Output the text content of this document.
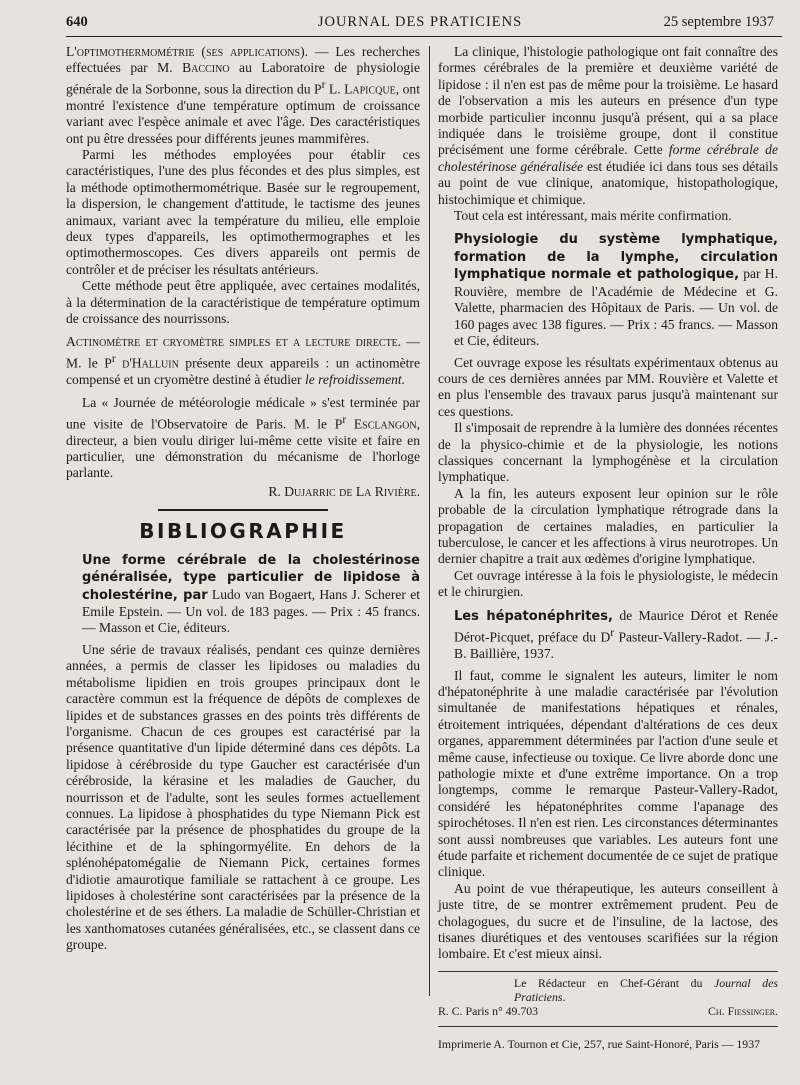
640	JOURNAL DES PRATICIENS	25 septembre 1937

L'optimothermométrie (ses applications). — Les recherches effectuées par M. Baccino au Laboratoire de physiologie générale de la Sorbonne, sous la direction du $P^r$ L. Lapicque, ont montré l'existence d'une température optimum de croissance variant avec l'espèce animale et avec l'âge. Des caractéristiques ont pu être dressées pour différents jeunes mammifères.

Parmi les méthodes employées pour établir ces caractéristiques, l'une des plus fécondes et des plus simples, est la méthode optimothermométrique. Basée sur le regroupement, la dispersion, le changement d'attitude, le tactisme des jeunes animaux, variant avec la température du milieu, elle emploie deux types d'appareils, les optimothermographes et les optimothermoscopes. Ces divers appareils ont permis de contrôler et de préciser les résultats antérieurs.

Cette méthode peut être appliquée, avec certaines modalités, à la détermination de la caractéristique de température optimum de croissance des nourrissons.

Actinomètre et cryomètre simples et a lecture directe. — M. le $P^r$ d'Halluin présente deux appareils : un actinomètre compensé et un cryomètre destiné à étudier le refroidissement.

La « Journée de météorologie médicale » s'est terminée par une visite de l'Observatoire de Paris. M. le $P^r$ Esclangon, directeur, a bien voulu diriger lui-même cette visite et faire en particulier, une démonstration du mécanisme de l'horloge parlante.

R. Dujarric de La Rivière.
BIBLIOGRAPHIE

Une forme cérébrale de la cholestérinose généralisée, type particulier de lipidose à cholestérine, par Ludo van Bogaert, Hans J. Scherer et Emile Epstein. — Un vol. de 183 pages. — Prix : 45 francs. — Masson et Cie, éditeurs.

Une série de travaux réalisés, pendant ces quinze dernières années, a permis de classer les lipidoses ou maladies du métabolisme lipidien en trois groupes principaux dont le caractère commun est la fréquence de dépôts de complexes de lipides et de substances grasses en des points très différents de l'organisme. Chacun de ces groupes est caractérisé par la présence quantitative d'un lipide déterminé dans ces dépôts. La lipidose à cérébroside du type Gaucher est caractérisée d'un cérébroside, la kérasine et les maladies de Gaucher, du nourrisson et de l'adulte, sont les seules formes actuellement connues. La lipidose à phosphatides du type Niemann Pick est caractérisée par la présence de phosphatides du groupe de la lécithine et de la sphingormyélite. En dehors de la splénohépatomégalie de Niemann Pick, certaines formes d'idiotie amaurotique familiale se rattachent à ce groupe. Les lipidoses à cholestérine sont caractérisées par la présence de la cholestérine et de ses éthers. La maladie de Schüller-Christian et les xanthomatoses cutanées généralisées, etc., se classent dans ce groupe.

La clinique, l'histologie pathologique ont fait connaître des formes cérébrales de la première et deuxième variété de lipidose : il n'en est pas de même pour la troisième. Le hasard de l'observation a mis les auteurs en présence d'un type morbide particulier inconnu jusqu'à présent, qui a sa place indiquée dans le troisième groupe, dont il constitue précisément une forme cérébrale. Cette forme cérébrale de cholestérinose généralisée est étudiée ici dans tous ses détails au point de vue clinique, anatomique, histopathologique, histochimique et chimique.

Tout cela est intéressant, mais mérite confirmation.

Physiologie du système lymphatique, formation de la lymphe, circulation lymphatique normale et pathologique, par H. Rouvière, membre de l'Académie de Médecine et G. Valette, pharmacien des Hôpitaux de Paris. — Un vol. de 160 pages avec 138 figures. — Prix : 45 francs. — Masson et Cie, éditeurs.

Cet ouvrage expose les résultats expérimentaux obtenus au cours de ces dernières années par MM. Rouvière et Valette et en plus l'ensemble des travaux parus jusqu'à maintenant sur ces questions.

Il s'imposait de reprendre à la lumière des données récentes de la physico-chimie et de la physiologie, les notions classiques concernant la lymphogénèse et la circulation lymphatique.

A la fin, les auteurs exposent leur opinion sur le rôle probable de la circulation lymphatique rétrograde dans la propagation de certaines maladies, en particulier la tuberculose, le cancer et les affections à virus neurotropes. Un dernier chapitre a trait aux œdèmes d'origine lymphatique.

Cet ouvrage intéresse à la fois le physiologiste, le médecin et le chirurgien.

Les hépatonéphrites, de Maurice Dérot et Renée Dérot-Picquet, préface du $D^r$ Pasteur-Vallery-Radot. — J.-B. Baillière, 1937.

Il faut, comme le signalent les auteurs, limiter le nom d'hépatonéphrite à une maladie caractérisée par l'évolution simultanée de manifestations hépatiques et rénales, étroitement intriquées, dépendant d'altérations de ces deux organes, apparemment déterminées par l'action d'une seule et même cause, infectieuse ou toxique. Ce livre aborde donc une pathologie mixte et d'une extrême importance. On a trop longtemps, comme le remarque Pasteur-Vallery-Radot, considéré les hépatonéphrites comme l'apanage des spirochétoses. Il n'en est rien. Les circonstances déterminantes sont aussi nombreuses que variables. Les auteurs font une étude parfaite et richement documentée de ce sujet de pratique clinique.

Au point de vue thérapeutique, les auteurs conseillent à juste titre, de se montrer extrêmement prudent. Peu de cholagogues, du sucre et de l'insuline, de la lactose, des tisanes diurétiques et des ventouses scarifiées sur la région lombaire. Et c'est mieux ainsi.

Le Rédacteur en Chef-Gérant du Journal des Praticiens.
R. C. Paris n° 49.703	Ch. Fiessinger.
Imprimerie A. Tournon et Cie, 257, rue Saint-Honoré, Paris — 1937
